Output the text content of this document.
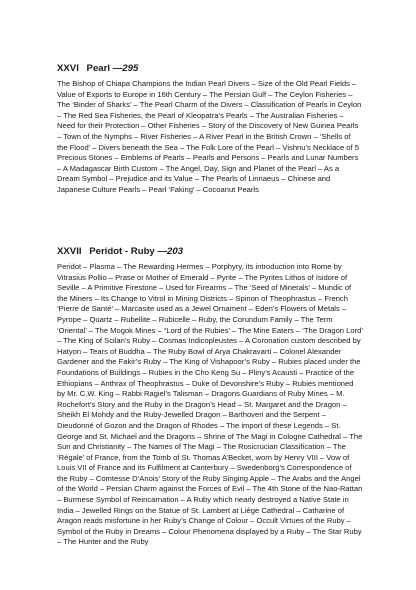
XXVI Pearl —295

The Bishop of Chiapa Champions the Indian Pearl Divers – Size of the Old Pearl Fields – Value of Exports to Europe in 16th Century – The Persian Gulf – The Ceylon Fisheries – The ‘Binder of Sharks’ – The Pearl Charm of the Divers – Classification of Pearls in Ceylon – The Red Sea Fisheries, the Pearl of Kleopatra’s Pearls – The Australian Fisheries – Need for their Protection – Other Fisheries – Story of the Discovery of New Guinea Pearls – Town of the Nymphs – River Fisheries – A River Pearl in the British Crown – ‘Shells of the Flood’ – Divers beneath the Sea – The Folk Lore of the Pearl – Vishnu’s Necklace of 5 Precious Stones – Emblems of Pearls – Pearls and Persons – Pearls and Lunar Numbers – A Madagascar Birth Custom – The Angel, Day, Sign and Planet of the Pearl – As a Dream Symbol – Prejudice and its Value – The Pearls of Linnaeus – Chinese and Japanese Culture Pearls – Pearl ‘Faking’ – Cocoanut Pearls

XXVII Peridot - Ruby —203

Peridot – Plasma – The Rewarding Hermes – Porphyry, its introduction into Rome by Vitrasius Pollio – Prase or Mother of Emerald – Pyrite – The Pyrites Lithos of Isidore of Seville – A Primitive Firestone – Used for Firearms – The ‘Seed of Minerals’ – Mundic of the Miners – Its Change to Vitrol in Mining Districts – Spinon of Theophrastus – French ‘Pierre de Santé’ – Marcasite used as a Jewel Ornament – Eden’s Flowers of Metals – Pyrope – Quartz – Rubellite – Rubicelle – Ruby, the Corundum Family – The Term ‘Oriental’ – The Mogok Mines – “Lord of the Rubies’ – The Mine Eaters – ‘The Dragon Lord’ – The King of Scilan’s Ruby – Cosmas Indicopleustes – A Coronation custom described by Hatyon – Tears of Buddha – The Ruby Bowl of Arya Chakravarti – Colonel Alexander Gardener and the Fakir’s Ruby – The King of Vishapoor’s Ruby – Rubies placed under the Foundations of Buildings – Rubies in the Cho Keng Su – Pliny’s Acausti – Practice of the Ethiopians – Anthrax of Theophrastus – Duke of Devonshire’s Ruby – Rubies mentioned by Mr. C.W. King – Rabbi Ragiel’s Talisman – Dragons Guardians of Ruby Mines – M. Rochefort’s Story and the Ruby in the Dragon’s Head – St. Margaret and the Dragon – Sheikh El Mohdy and the Ruby-Jewelled Dragon – Barthoveri and the Serpent – Dieudonné of Gozon and the Dragon of Rhodes – The import of these Legends – St. George and St. Michael and the Dragons – Shrine of The Magi in Cologne Cathedral – The Sun and Christianity – The Names of The Magi – The Rosicrucian Classification – The ‘Régale’ of France, from the Tomb of St. Thomas A’Becket, worn by Henry VIII – Vow of Louis VII of France and its Fulfilment at Canterbury – Swedenborg’s Correspondence of the Ruby – Comtesse D’Anois’ Story of the Ruby Singing Apple – The Arabs and the Angel of the World – Persian Charm against the Forces of Evil – The 4th Stone of the Nao-Rattan – Burmese Symbol of Reincarnation – A Ruby which nearly destroyed a Native State in India – Jewelled Rings on the Statue of St. Lambert at Liège Cathedral – Catharine of Aragon reads misfortune in her Ruby’s Change of Colour – Occult Virtues of the Ruby – Symbol of the Ruby in Dreams – Colour Phenomena displayed by a Ruby – The Star Ruby – The Hunter and the Ruby
